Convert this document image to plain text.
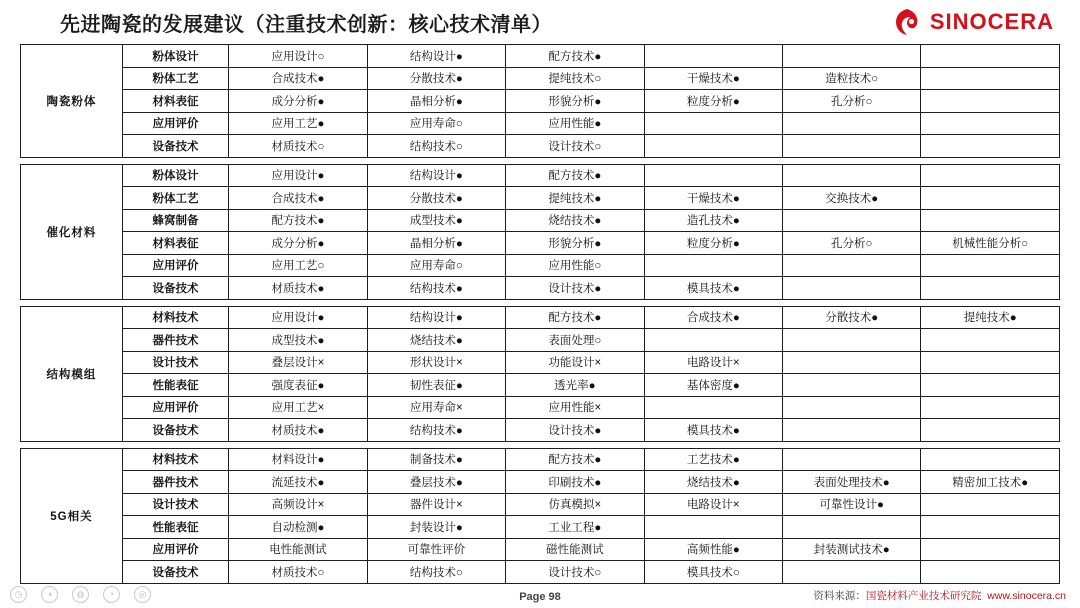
先进陶瓷的发展建议（注重技术创新：核心技术清单）	SINOCERA
陶瓷粉体	粉体设计	应用设计○	结构设计●	配方技术●			
	粉体工艺	合成技术●	分散技术●	提纯技术○	干燥技术●	造粒技术○	
	材料表征	成分分析●	晶相分析●	形貌分析●	粒度分析●	孔分析○	
	应用评价	应用工艺●	应用寿命○	应用性能●			
	设备技术	材质技术○	结构技术○	设计技术○			

催化材料	粉体设计	应用设计●	结构设计●	配方技术●			
	粉体工艺	合成技术●	分散技术●	提纯技术●	干燥技术●	交换技术●	
	蜂窝制备	配方技术●	成型技术●	烧结技术●	造孔技术●		
	材料表征	成分分析●	晶相分析●	形貌分析●	粒度分析●	孔分析○	机械性能分析○
	应用评价	应用工艺○	应用寿命○	应用性能○			
	设备技术	材质技术●	结构技术●	设计技术●	模具技术●		

结构模组	材料技术	应用设计●	结构设计●	配方技术●	合成技术●	分散技术●	提纯技术●
	器件技术	成型技术●	烧结技术●	表面处理○			
	设计技术	叠层设计×	形状设计×	功能设计×	电路设计×		
	性能表征	强度表征●	韧性表征●	透光率●	基体密度●		
	应用评价	应用工艺×	应用寿命×	应用性能×			
	设备技术	材质技术●	结构技术●	设计技术●	模具技术●		

5G相关	材料技术	材料设计●	制备技术●	配方技术●	工艺技术●		
	器件技术	流延技术●	叠层技术●	印刷技术●	烧结技术●	表面处理技术●	精密加工技术●
	设计技术	高频设计×	器件设计×	仿真模拟×	电路设计×	可靠性设计●	
	性能表征	自动检测●	封装设计●	工业工程●			
	应用评价	电性能测试	可靠性评价	磁性能测试	高频性能●	封装测试技术●	
	设备技术	材质技术○	结构技术○	设计技术○	模具技术○		
◷	◑	◍	◔	◎	Page 98	资料来源：国瓷材料产业技术研究院 www.sinocera.cn
